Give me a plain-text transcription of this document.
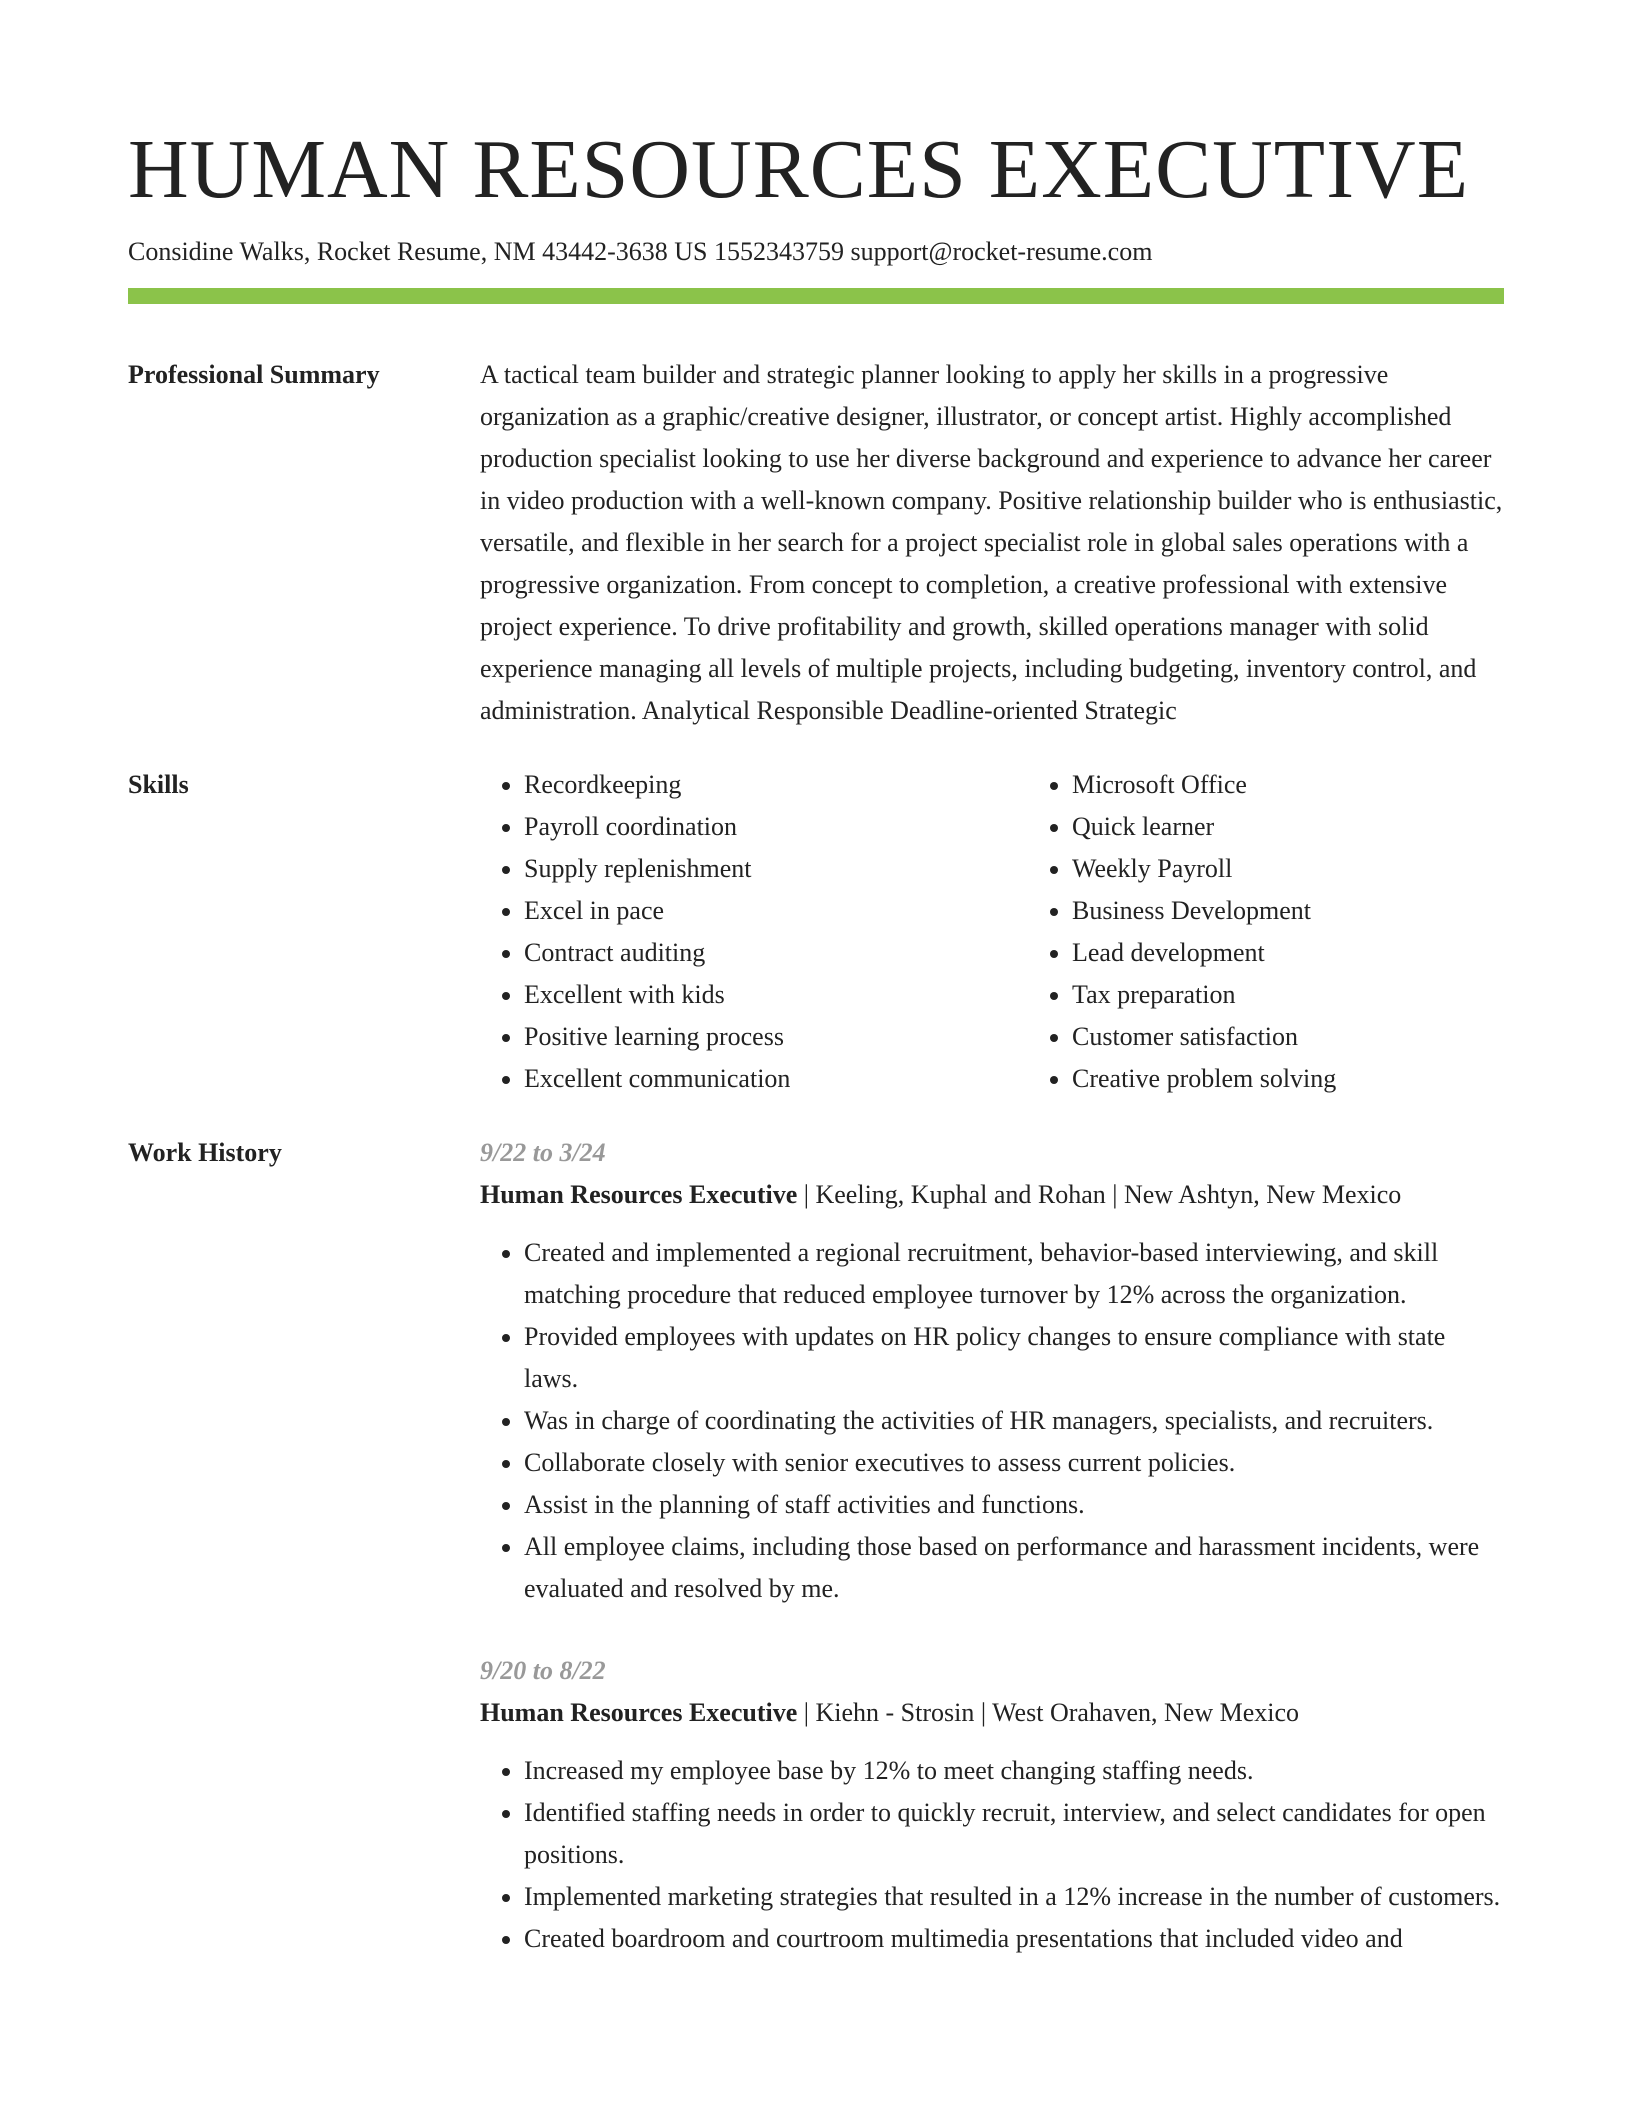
HUMAN RESOURCES EXECUTIVE
Considine Walks, Rocket Resume, NM 43442-3638 US 1552343759 support@rocket-resume.com
Professional Summary	A tactical team builder and strategic planner looking to apply her skills in a progressive organization as a graphic/creative designer, illustrator, or concept artist. Highly accomplished production specialist looking to use her diverse background and experience to advance her career in video production with a well-known company. Positive relationship builder who is enthusiastic, versatile, and flexible in her search for a project specialist role in global sales operations with a progressive organization. From concept to completion, a creative professional with extensive project experience. To drive profitability and growth, skilled operations manager with solid experience managing all levels of multiple projects, including budgeting, inventory control, and administration. Analytical Responsible Deadline-oriented Strategic
Skills
•	Recordkeeping
• Payroll coordination
• Supply replenishment
• Excel in pace
• Contract auditing
• Excellent with kids
• Positive learning process
• Excellent communication
• Microsoft Office
• Quick learner
• Weekly Payroll
• Business Development
• Lead development
• Tax preparation
• Customer satisfaction
• Creative problem solving
Work History	9/22 to 3/24
Human Resources Executive | Keeling, Kuphal and Rohan | New Ashtyn, New Mexico
• Created and implemented a regional recruitment, behavior-based interviewing, and skill matching procedure that reduced employee turnover by 12% across the organization.
• Provided employees with updates on HR policy changes to ensure compliance with state laws.
• Was in charge of coordinating the activities of HR managers, specialists, and recruiters.
• Collaborate closely with senior executives to assess current policies.
• Assist in the planning of staff activities and functions.
• All employee claims, including those based on performance and harassment incidents, were evaluated and resolved by me.
9/20 to 8/22
Human Resources Executive | Kiehn - Strosin | West Orahaven, New Mexico
• Increased my employee base by 12% to meet changing staffing needs.
• Identified staffing needs in order to quickly recruit, interview, and select candidates for open positions.
• Implemented marketing strategies that resulted in a 12% increase in the number of customers.
• Created boardroom and courtroom multimedia presentations that included video and
